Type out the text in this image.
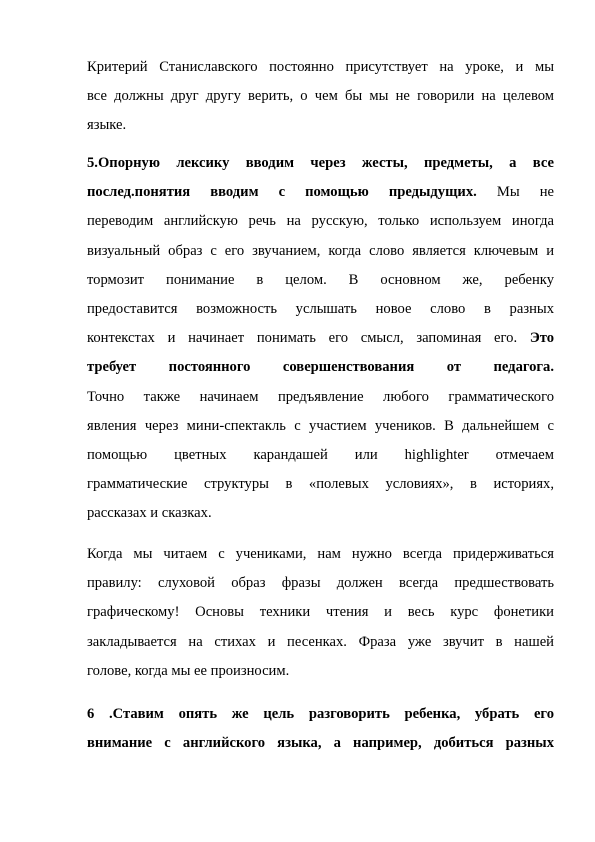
Критерий Станиславского постоянно присутствует на уроке, и мы
все должны друг другу верить, о чем бы мы не говорили на целевом
языке.
5.Опорную лексику вводим через жесты, предметы, а все
послед.понятия вводим с помощью предыдущих. Мы не
переводим английскую речь на русскую, только используем иногда
визуальный образ с его звучанием, когда слово является ключевым и
тормозит понимание в целом. В основном же, ребенку
предоставится возможность услышать новое слово в разных
контекстах и начинает понимать его смысл, запоминая его. Это
требует постоянного совершенствования от педагога.
Точно также начинаем предъявление любого грамматического
явления через мини-спектакль с участием учеников. В дальнейшем с
помощью цветных карандашей или highlighter отмечаем
грамматические структуры в «полевых условиях», в историях,
рассказах и сказках.
Когда мы читаем с учениками, нам нужно всегда придерживаться
правилу: слуховой образ фразы должен всегда предшествовать
графическому! Основы техники чтения и весь курс фонетики
закладывается на стихах и песенках. Фраза уже звучит в нашей
голове, когда мы ее произносим.
6 .Ставим опять же цель разговорить ребенка, убрать его
внимание с английского языка, а например, добиться разных
